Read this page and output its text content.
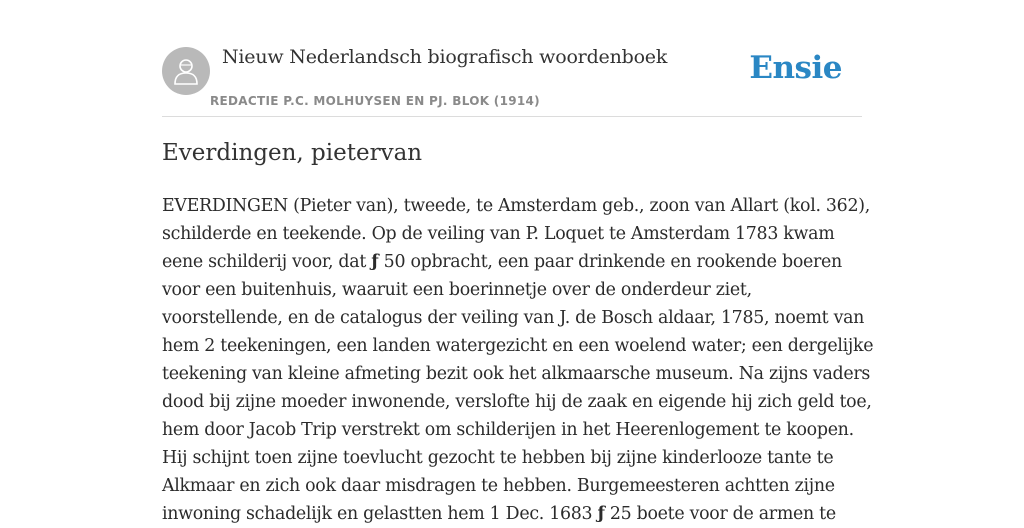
Nieuw Nederlandsch biografisch woordenboek
REDACTIE P.C. MOLHUYSEN EN PJ. BLOK (1914)
Ensie
Everdingen, pietervan
EVERDINGEN (Pieter van), tweede, te Amsterdam geb., zoon van Allart (kol. 362),
schilderde en teekende. Op de veiling van P. Loquet te Amsterdam 1783 kwam
eene schilderij voor, dat ƒ 50 opbracht, een paar drinkende en rookende boeren
voor een buitenhuis, waaruit een boerinnetje over de onderdeur ziet,
voorstellende, en de catalogus der veiling van J. de Bosch aldaar, 1785, noemt van
hem 2 teekeningen, een landen watergezicht en een woelend water; een dergelijke
teekening van kleine afmeting bezit ook het alkmaarsche museum. Na zijns vaders
dood bij zijne moeder inwonende, verslofte hij de zaak en eigende hij zich geld toe,
hem door Jacob Trip verstrekt om schilderijen in het Heerenlogement te koopen.
Hij schijnt toen zijne toevlucht gezocht te hebben bij zijne kinderlooze tante te
Alkmaar en zich ook daar misdragen te hebben. Burgemeesteren achtten zijne
inwoning schadelijk en gelastten hem 1 Dec. 1683 ƒ 25 boete voor de armen te
